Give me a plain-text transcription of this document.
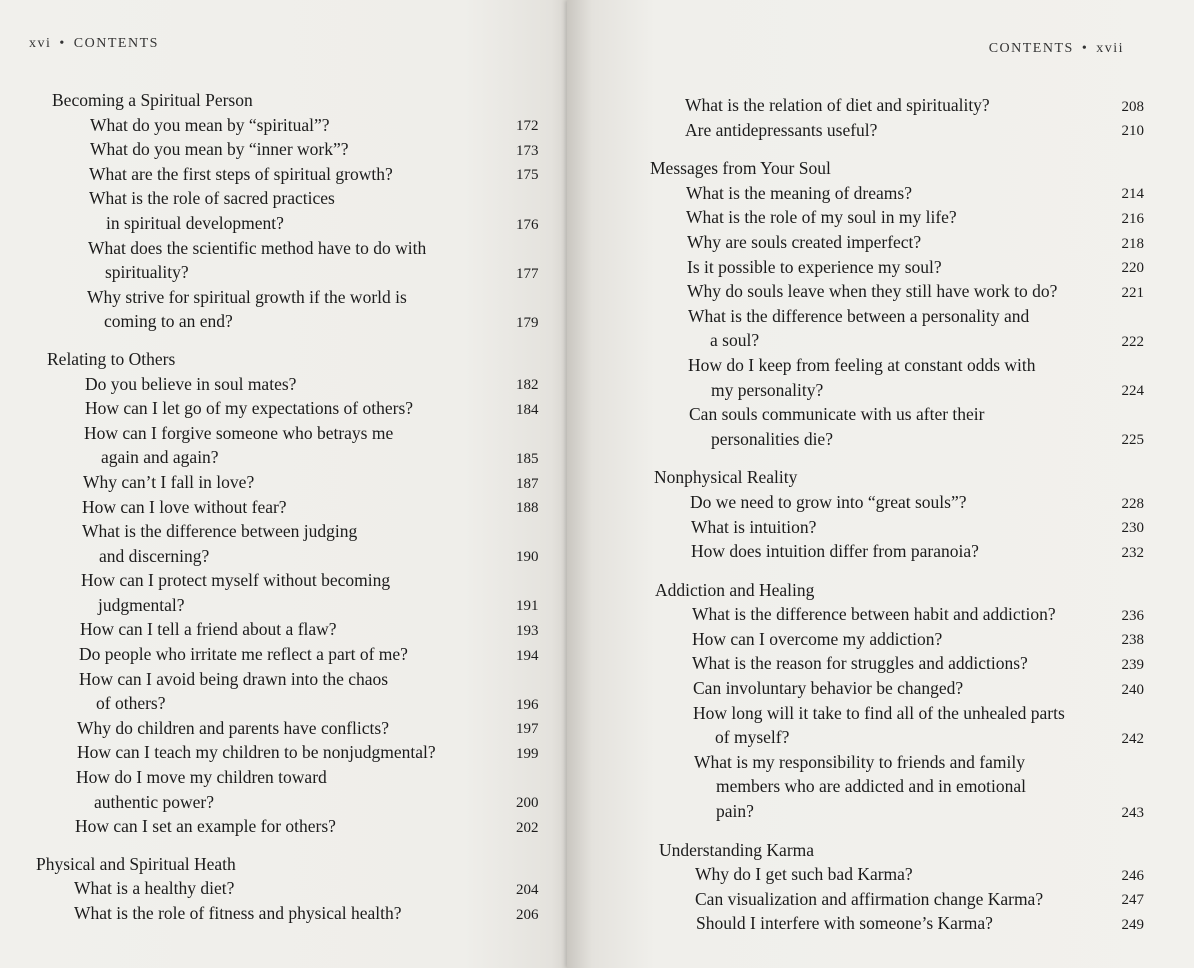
xvi • CONTENTS
Becoming a Spiritual Person
What do you mean by “spiritual”?	172
What do you mean by “inner work”?	173
What are the first steps of spiritual growth?	175
What is the role of sacred practices
in spiritual development?	176
What does the scientific method have to do with
spirituality?	177
Why strive for spiritual growth if the world is
coming to an end?	179
Relating to Others
Do you believe in soul mates?	182
How can I let go of my expectations of others?	184
How can I forgive someone who betrays me
again and again?	185
Why can’t I fall in love?	187
How can I love without fear?	188
What is the difference between judging
and discerning?	190
How can I protect myself without becoming
judgmental?	191
How can I tell a friend about a flaw?	193
Do people who irritate me reflect a part of me?	194
How can I avoid being drawn into the chaos
of others?	196
Why do children and parents have conflicts?	197
How can I teach my children to be nonjudgmental?	199
How do I move my children toward
authentic power?	200
How can I set an example for others?	202
Physical and Spiritual Heath
What is a healthy diet?	204
What is the role of fitness and physical health?	206
CONTENTS • xvii
What is the relation of diet and spirituality?	208
Are antidepressants useful?	210
Messages from Your Soul
What is the meaning of dreams?	214
What is the role of my soul in my life?	216
Why are souls created imperfect?	218
Is it possible to experience my soul?	220
Why do souls leave when they still have work to do?	221
What is the difference between a personality and
a soul?	222
How do I keep from feeling at constant odds with
my personality?	224
Can souls communicate with us after their
personalities die?	225
Nonphysical Reality
Do we need to grow into “great souls”?	228
What is intuition?	230
How does intuition differ from paranoia?	232
Addiction and Healing
What is the difference between habit and addiction?	236
How can I overcome my addiction?	238
What is the reason for struggles and addictions?	239
Can involuntary behavior be changed?	240
How long will it take to find all of the unhealed parts
of myself?	242
What is my responsibility to friends and family
members who are addicted and in emotional
pain?	243
Understanding Karma
Why do I get such bad Karma?	246
Can visualization and affirmation change Karma?	247
Should I interfere with someone’s Karma?	249
